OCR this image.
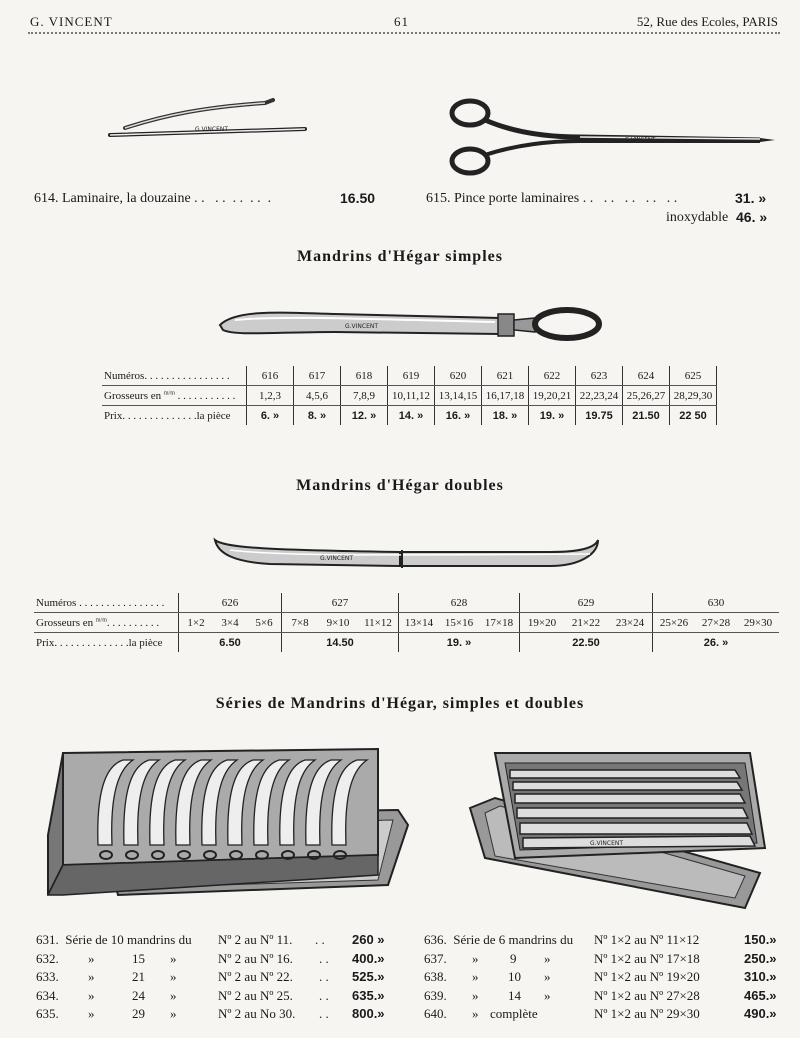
G. VINCENT	61	52, Rue des Ecoles, PARIS
G.VINCENT
G.VINCENT
614. Laminaire, la douzaine . .   . .  . .  . .  .	16.50	615. Pince porte laminaires . .   . .   . .   . .   . .	31. »
inoxydable 46. »
Mandrins d'Hégar simples
G.VINCENT
Numéros. . . . . . . . . . . . . . . .	616	617	618	619	620	621	622	623	624	625
Grosseurs en $^{m/m}$ . . . . . . . . . . .	1,2,3	4,5,6	7,8,9	10,11,12	13,14,15	16,17,18	19,20,21	22,23,24	25,26,27	28,29,30
Prix. . . . . . . . . . . . . .la pièce	6. »	8. »	12. »	14. »	16. »	18. »	19. »	19.75	21.50	22 50
Mandrins d'Hégar doubles
G.VINCENT
Numéros . . . . . . . . . . . . . . . .	626			627			628			629			630		
Grosseurs en $^{m/m}$. . . . . . . . . .	1×2	3×4	5×6	7×8	9×10	11×12	13×14	15×16	17×18	19×20	21×22	23×24	25×26	27×28	29×30
Prix. . . . . . . . . . . . . .la pièce	6.50			14.50			19. »			22.50			26. »		
Séries de Mandrins d'Hégar, simples et doubles
G.VINCENT
631. Série de 10 mandrins du Nº 2 au Nº 11. . . 260 »
632. »	15 »	Nº 2 au Nº 16. . . 400.»
633. »	21 »	Nº 2 au Nº 22. . . 525.»
634. »	24 »	Nº 2 au Nº 25. . . 635.»
635. »	29 »	Nº 2 au No 30. . . 800.»
636. Série de 6 mandrins du Nº 1×2 au Nº 11×12	150.»
637. » 9 »	Nº 1×2 au Nº 17×18	250.»
638. » 10 »	Nº 1×2 au Nº 19×20	310.»
639. » 14 »	Nº 1×2 au Nº 27×28	465.»
640. » complète	Nº 1×2 au Nº 29×30	490.»
